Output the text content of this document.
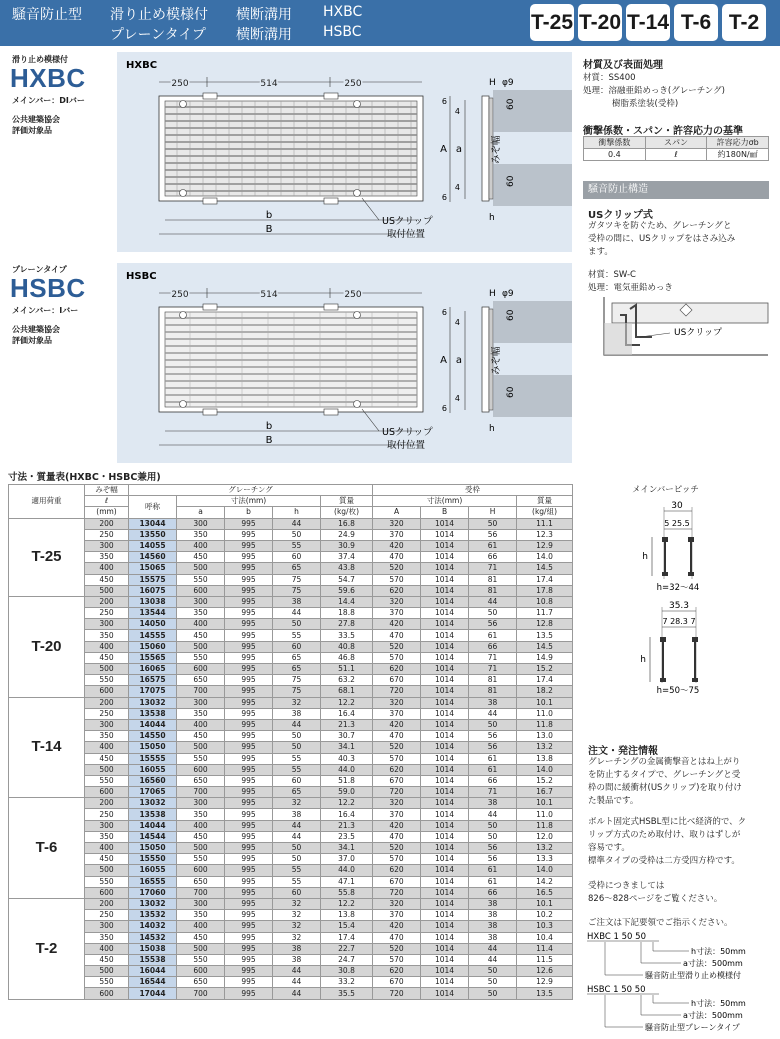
騒音防止型 滑り止め模様付 横断溝用 HXBC
プレーンタイプ 横断溝用 HSBC	T-25 T-20 T-14 T-6 T-2
滑り止め模様付
HXBC
メインバー：DIバー
公共建築協会
評価対象品
プレーンタイプ
HSBC
メインバー：Iバー
公共建築協会
評価対象品
HXBC
250	514	250
b
B
USクリップ
取付位置
A a
4
4
6
6
H
h
φ9
60
60
みぞ幅
HSBC
250	514	250
b
B
USクリップ
取付位置
A a
4
4
6
6
H
h
φ9
60
60
みぞ幅
材質及び表面処理
材質：SS400
処理：溶融亜鉛めっき(グレーチング)
樹脂系塗装(受枠)
衝撃係数・スパン・許容応力の基準
衝撃係数	スパン	許容応力σb
0.4	ℓ	約180N/㎟
騒音防止構造
USクリップ式
ガタツキを防ぐため、グレーチングと
受枠の間に、USクリップをはさみ込み
ます。
材質：SW-C
処理：電気亜鉛めっき
USクリップ
寸法・質量表(HXBC・HSBC兼用)
適用荷重	みぞ幅	グレーチング					受枠			
	ℓ	呼称	寸法(mm)			質量	寸法(mm)			質量
	(mm)		a	b	h	(kg/枚)	A	B	H	(kg/組)
T-25	200	13044	300	995	44	16.8	320	1014	50	11.1
	250	13550	350	995	50	24.9	370	1014	56	12.3
	300	14055	400	995	55	30.9	420	1014	61	12.9
	350	14560	450	995	60	37.4	470	1014	66	14.0
	400	15065	500	995	65	43.8	520	1014	71	14.5
	450	15575	550	995	75	54.7	570	1014	81	17.4
	500	16075	600	995	75	59.6	620	1014	81	17.8
T-20	200	13038	300	995	38	14.4	320	1014	44	10.8
	250	13544	350	995	44	18.8	370	1014	50	11.7
	300	14050	400	995	50	27.8	420	1014	56	12.8
	350	14555	450	995	55	33.5	470	1014	61	13.5
	400	15060	500	995	60	40.8	520	1014	66	14.5
	450	15565	550	995	65	46.8	570	1014	71	14.9
	500	16065	600	995	65	51.1	620	1014	71	15.2
	550	16575	650	995	75	63.2	670	1014	81	17.4
	600	17075	700	995	75	68.1	720	1014	81	18.2
T-14	200	13032	300	995	32	12.2	320	1014	38	10.1
	250	13538	350	995	38	16.4	370	1014	44	11.0
	300	14044	400	995	44	21.3	420	1014	50	11.8
	350	14550	450	995	50	30.7	470	1014	56	13.0
	400	15050	500	995	50	34.1	520	1014	56	13.2
	450	15555	550	995	55	40.3	570	1014	61	13.8
	500	16055	600	995	55	44.0	620	1014	61	14.0
	550	16560	650	995	60	51.8	670	1014	66	15.2
	600	17065	700	995	65	59.0	720	1014	71	16.7
T-6	200	13032	300	995	32	12.2	320	1014	38	10.1
	250	13538	350	995	38	16.4	370	1014	44	11.0
	300	14044	400	995	44	21.3	420	1014	50	11.8
	350	14544	450	995	44	23.5	470	1014	50	12.0
	400	15050	500	995	50	34.1	520	1014	56	13.2
	450	15550	550	995	50	37.0	570	1014	56	13.3
	500	16055	600	995	55	44.0	620	1014	61	14.0
	550	16555	650	995	55	47.1	670	1014	61	14.2
	600	17060	700	995	60	55.8	720	1014	66	16.5
T-2	200	13032	300	995	32	12.2	320	1014	38	10.1
	250	13532	350	995	32	13.8	370	1014	38	10.2
	300	14032	400	995	32	15.4	420	1014	38	10.3
	350	14532	450	995	32	17.4	470	1014	38	10.4
	400	15038	500	995	38	22.7	520	1014	44	11.4
	450	15538	550	995	38	24.7	570	1014	44	11.5
	500	16044	600	995	44	30.8	620	1014	50	12.6
	550	16544	650	995	44	33.2	670	1014	50	12.9
	600	17044	700	995	44	35.5	720	1014	50	13.5
メインバーピッチ
30
5 25.5
h
h=32〜44
35.3
7 28.3 7
h
h=50〜75
注文・発注情報
グレーチングの金属衝撃音とはね上がり
を防止するタイプで、グレーチングと受
枠の間に緩衝材(USクリップ)を取り付け
た製品です。
ボルト固定式HSBL型に比べ経済的で、ク
リップ方式のため取付け、取りはずしが
容易です。
標準タイプの受枠は二方受四方枠です。
受枠につきましては
826〜828ページをご覧ください。
ご注文は下記要領でご指示ください。
HXBC 1 50 50
h寸法：50mm
a寸法：500mm
騒音防止型滑り止め模様付
HSBC 1 50 50
h寸法：50mm
a寸法：500mm
騒音防止型プレーンタイプ
